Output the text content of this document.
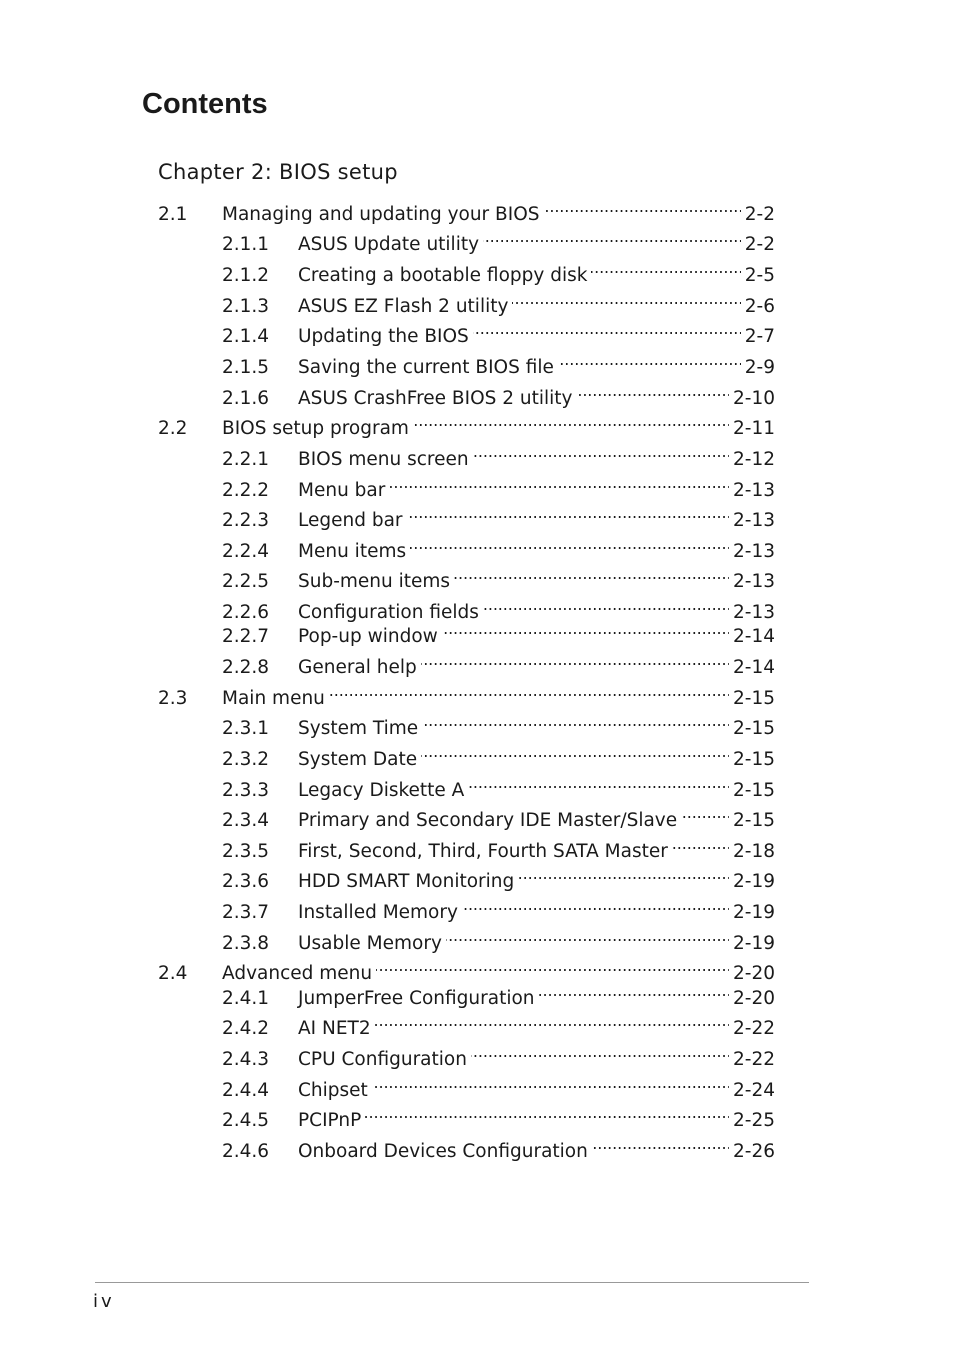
Contents
Chapter 2: BIOS setup
2.1	Managing and updating your BIOS . . .	2-2
2.1.1	ASUS Update utility . . .	2-2
2.1.2	Creating a bootable floppy disk . . .	2-5
2.1.3	ASUS EZ Flash 2 utility . . .	2-6
2.1.4	Updating the BIOS . . .	2-7
2.1.5	Saving the current BIOS file . . .	2-9
2.1.6	ASUS CrashFree BIOS 2 utility . . .	2-10
2.2	BIOS setup program . . .	2-11
2.2.1	BIOS menu screen . . .	2-12
2.2.2	Menu bar . . .	2-13
2.2.3	Legend bar . . .	2-13
2.2.4	Menu items . . .	2-13
2.2.5	Sub-menu items . . .	2-13
2.2.6	Configuration fields . . .	2-13
2.2.7	Pop-up window . . .	2-14
2.2.8	General help . . .	2-14
2.3	Main menu . . .	2-15
2.3.1	System Time . . .	2-15
2.3.2	System Date . . .	2-15
2.3.3	Legacy Diskette A . . .	2-15
2.3.4	Primary and Secondary IDE Master/Slave . . .	2-15
2.3.5	First, Second, Third, Fourth SATA Master . . .	2-18
2.3.6	HDD SMART Monitoring . . .	2-19
2.3.7	Installed Memory . . .	2-19
2.3.8	Usable Memory . . .	2-19
2.4	Advanced menu . . .	2-20
2.4.1	JumperFree Configuration . . .	2-20
2.4.2	AI NET2 . . .	2-22
2.4.3	CPU Configuration . . .	2-22
2.4.4	Chipset . . .	2-24
2.4.5	PCIPnP . . .	2-25
2.4.6	Onboard Devices Configuration . . .	2-26
iv
